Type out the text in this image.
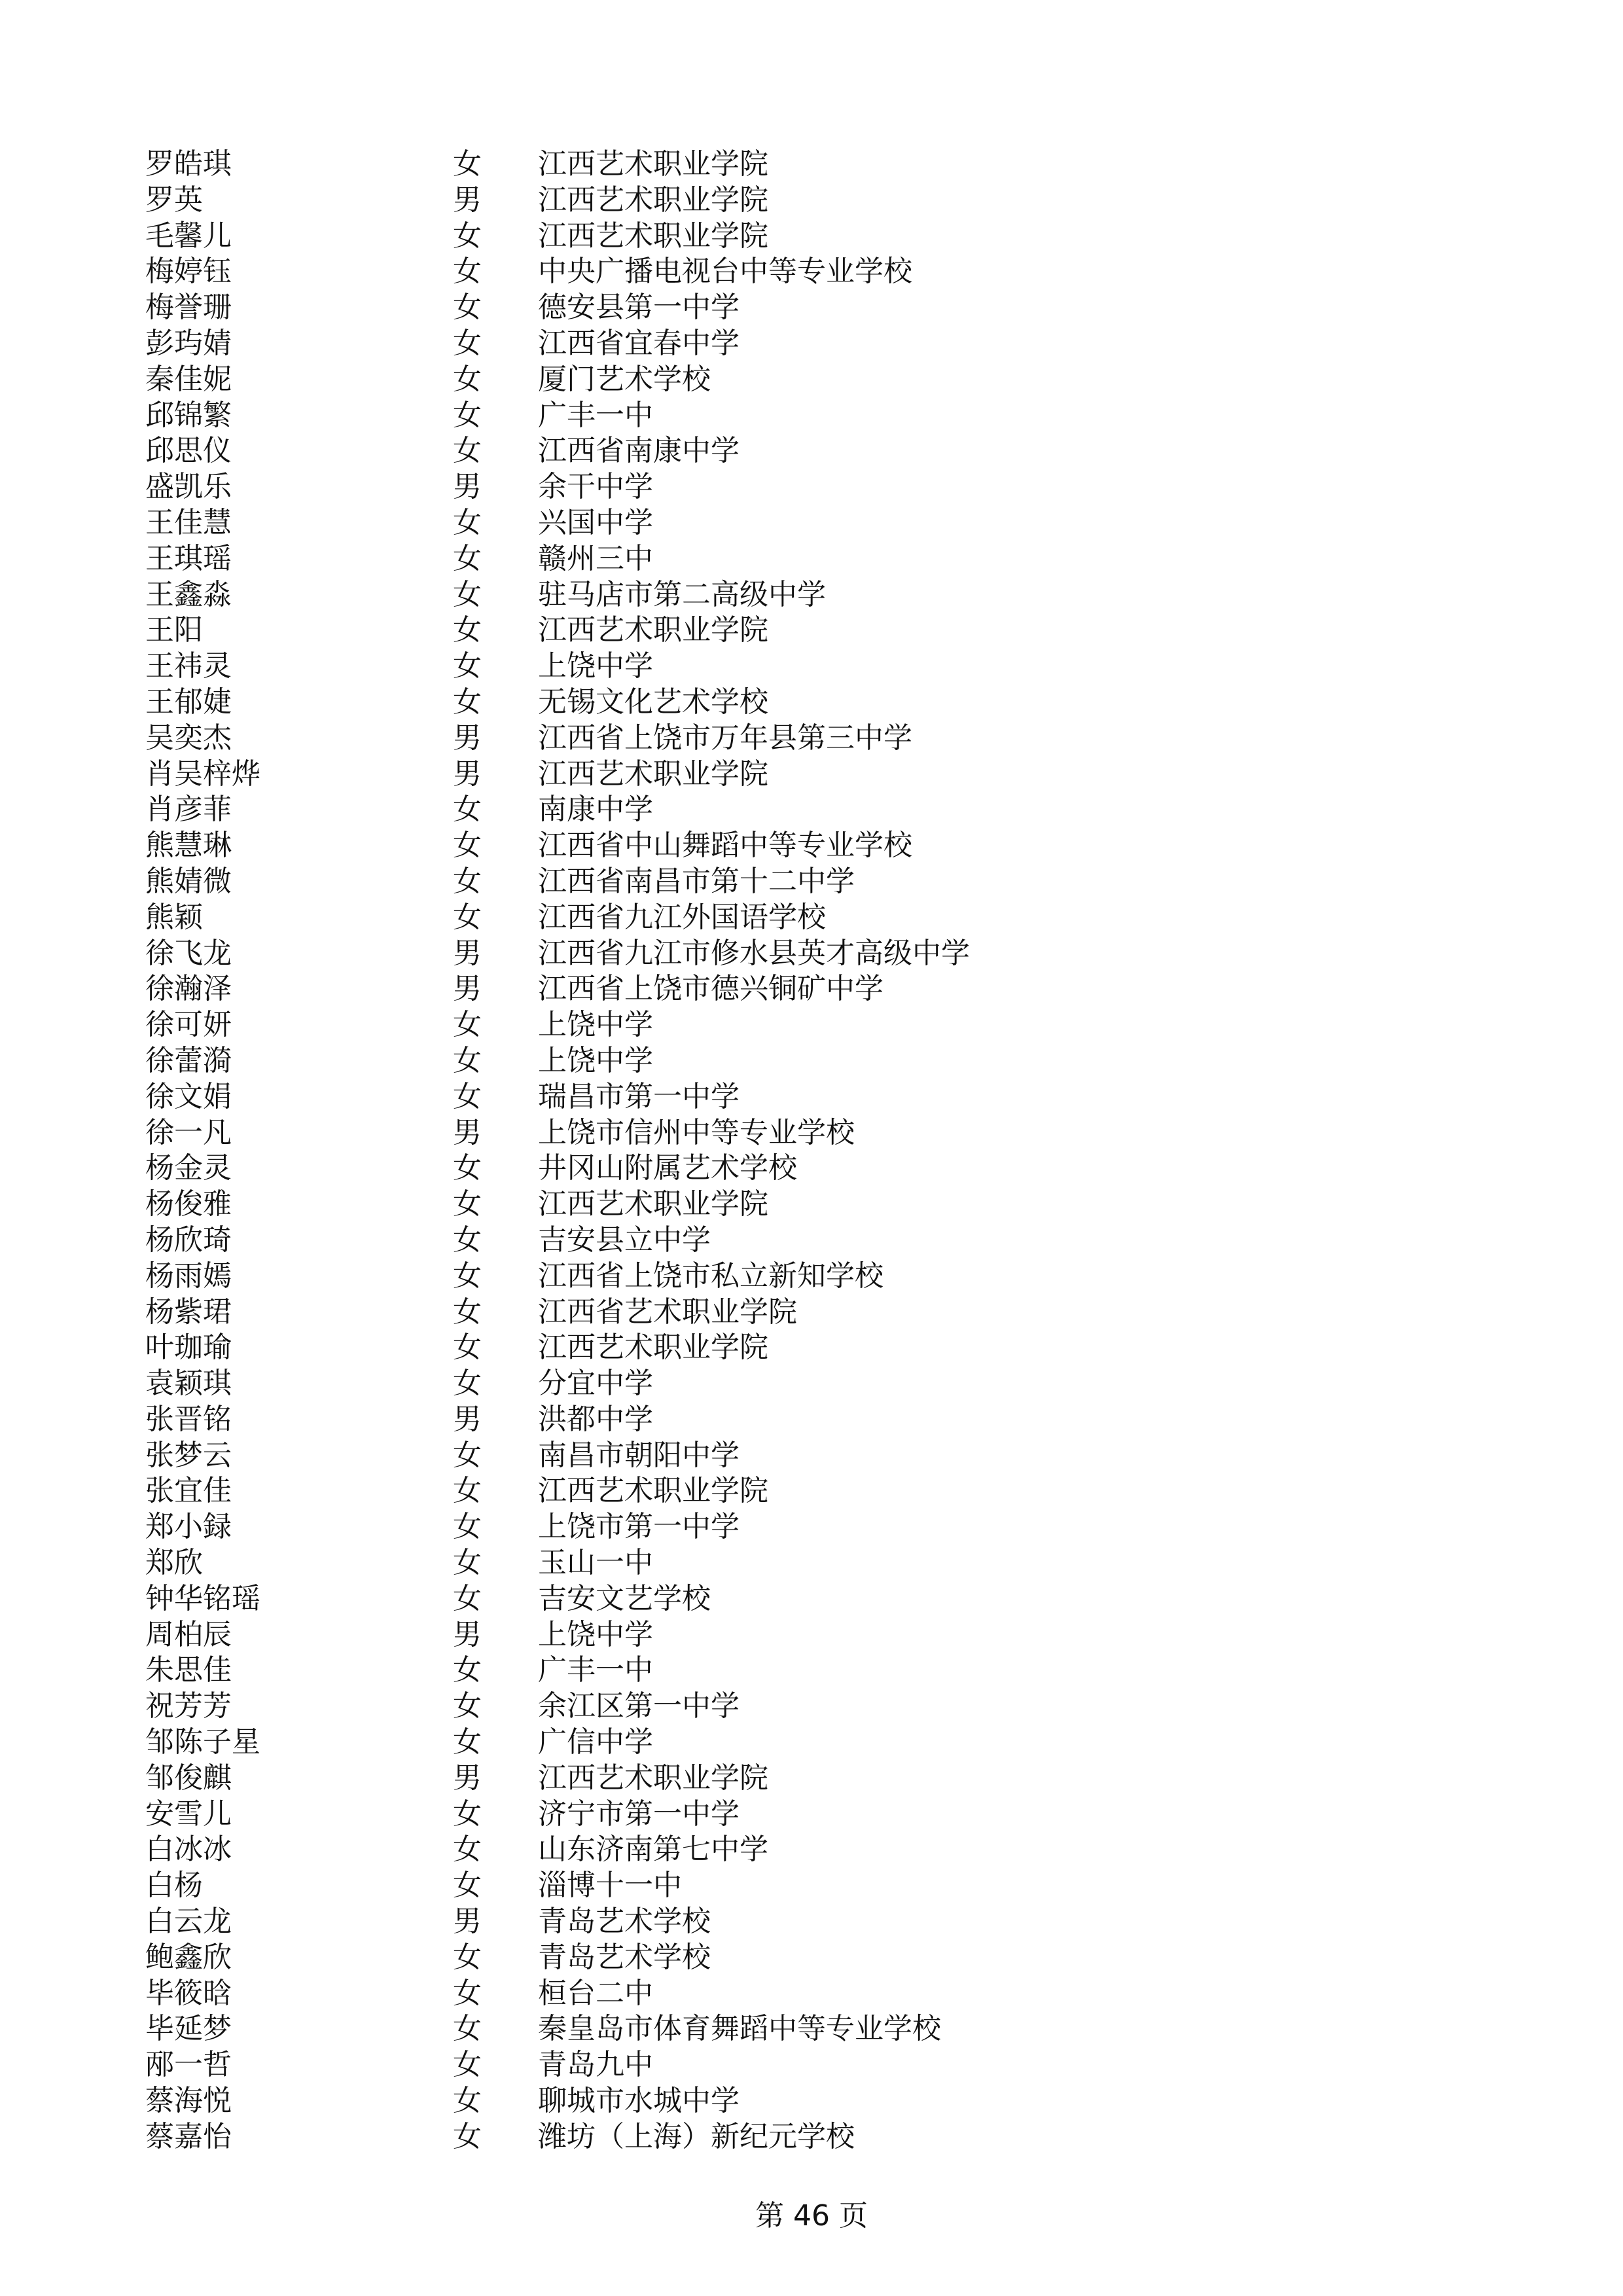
罗皓琪	女 江西艺术职业学院
罗英	男 江西艺术职业学院
毛馨儿	女 江西艺术职业学院
梅婷钰	女 中央广播电视台中等专业学校
梅誉珊	女 德安县第一中学
彭玙婧	女 江西省宜春中学
秦佳妮	女 厦门艺术学校
邱锦繁	女 广丰一中
邱思仪	女 江西省南康中学
盛凯乐	男 余干中学
王佳慧	女 兴国中学
王琪瑶	女 赣州三中
王鑫淼	女 驻马店市第二高级中学
王阳	女 江西艺术职业学院
王祎灵	女 上饶中学
王郁婕	女 无锡文化艺术学校
吴奕杰	男 江西省上饶市万年县第三中学
肖吴梓烨	男 江西艺术职业学院
肖彦菲	女 南康中学
熊慧琳	女 江西省中山舞蹈中等专业学校
熊婧微	女 江西省南昌市第十二中学
熊颖	女 江西省九江外国语学校
徐飞龙	男 江西省九江市修水县英才高级中学
徐瀚泽	男 江西省上饶市德兴铜矿中学
徐可妍	女 上饶中学
徐蕾漪	女 上饶中学
徐文娟	女 瑞昌市第一中学
徐一凡	男 上饶市信州中等专业学校
杨金灵	女 井冈山附属艺术学校
杨俊雅	女 江西艺术职业学院
杨欣琦	女 吉安县立中学
杨雨嫣	女 江西省上饶市私立新知学校
杨紫珺	女 江西省艺术职业学院
叶珈瑜	女 江西艺术职业学院
袁颖琪	女 分宜中学
张晋铭	男 洪都中学
张梦云	女 南昌市朝阳中学
张宜佳	女 江西艺术职业学院
郑小録	女 上饶市第一中学
郑欣	女 玉山一中
钟华铭瑶	女 吉安文艺学校
周柏辰	男 上饶中学
朱思佳	女 广丰一中
祝芳芳	女 余江区第一中学
邹陈子星	女 广信中学
邹俊麒	男 江西艺术职业学院
安雪儿	女 济宁市第一中学
白冰冰	女 山东济南第七中学
白杨	女 淄博十一中
白云龙	男 青岛艺术学校
鲍鑫欣	女 青岛艺术学校
毕筱晗	女 桓台二中
毕延梦	女 秦皇岛市体育舞蹈中等专业学校
邴一哲	女 青岛九中
蔡海悦	女 聊城市水城中学
蔡嘉怡	女 潍坊（上海）新纪元学校
第 46 页
